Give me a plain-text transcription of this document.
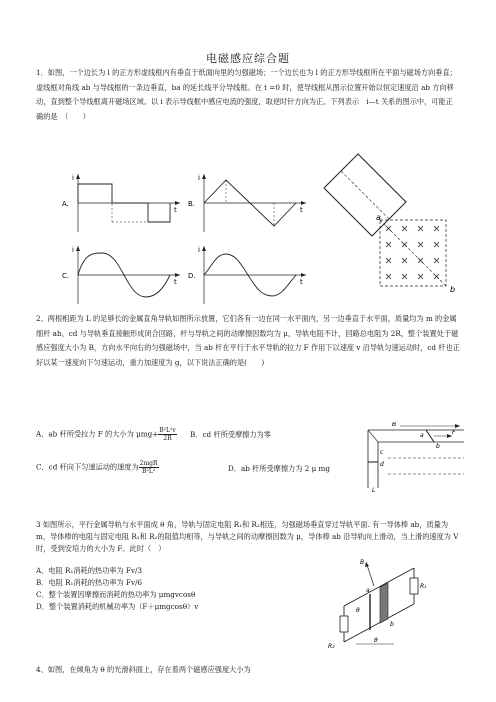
电磁感应综合题
1．如图，一个边长为 l 的正方形虚线框内有垂直于纸面向里的匀强磁场；一个边长也为 l 的正方形导线框所在平面与磁场方向垂直；虚线框对角线 ab 与导线框的一条边垂直，ba 的延长线平分导线框。在 t =0 时，使导线框从图示位置开始以恒定速度沿 ab 方向移动，直到整个导线框离开磁场区域。以 i 表示导线框中感应电流的强度，取逆时针方向为正。下列表示　i—t 关系的图示中，可能正确的是　（　　）
i
t
A.
i
t
B.
i
t
C.
i
t
D.
a
b
2、两根相距为 L 的足够长的金属直角导轨如图所示放置，它们各有一边在同一水平面内，另一边垂直于水平面，质量均为 m 的金属细杆 ab、cd 与导轨垂直接触形成闭合回路，杆与导轨之间的动摩擦因数均为 μ，导轨电阻不计，回路总电阻为 2R，整个装置处于磁感应强度大小为 B，方向水平向右的匀强磁场中，当 ab 杆在平行于水平导轨的拉力 F 作用下以速度 v 沿导轨匀速运动时，cd 杆也正好以某一速度向下匀速运动，重力加速度为 g，以下说法正确的是(　　)
A．ab 杆所受拉力 F 的大小为 $\mu mg+ \frac{\text{B²L²v}}{2R}$ B．cd 杆所受摩擦力为零
C．cd 杆向下匀速运动的速度为 $\frac{\text{2mgR}}{\text{B²L²}}$	D．ab 杆所受摩擦力为 2 μ mg
B
F
a
b
c
d
L
3 如图所示，平行金属导轨与水平面成 θ 角，导轨与固定电阻 R₁和 R₂相连，匀强磁场垂直穿过导轨平面. 有一导体棒 ab，质量为 m，导体棒的电阻与固定电阻 R₁和 R₂的阻值均相等，与导轨之间的动摩擦因数为 μ，导体棒 ab 沿导轨向上滑动，当上滑的速度为 V 时，受到安培力的大小为 F。此时（　）
A．电阻 R₁消耗的热功率为 Fv/3
B．电阻 R₁消耗的热功率为 Fv/6
C．整个装置因摩擦而消耗的热功率为 μmgvcosθ
D．整个装置消耗的机械功率为（F＋μmgcosθ）v
B
a
b
θ
θ
R₁
R₂
4、如图，在倾角为 θ 的光滑斜面上，存在着两个磁感应强度大小为
